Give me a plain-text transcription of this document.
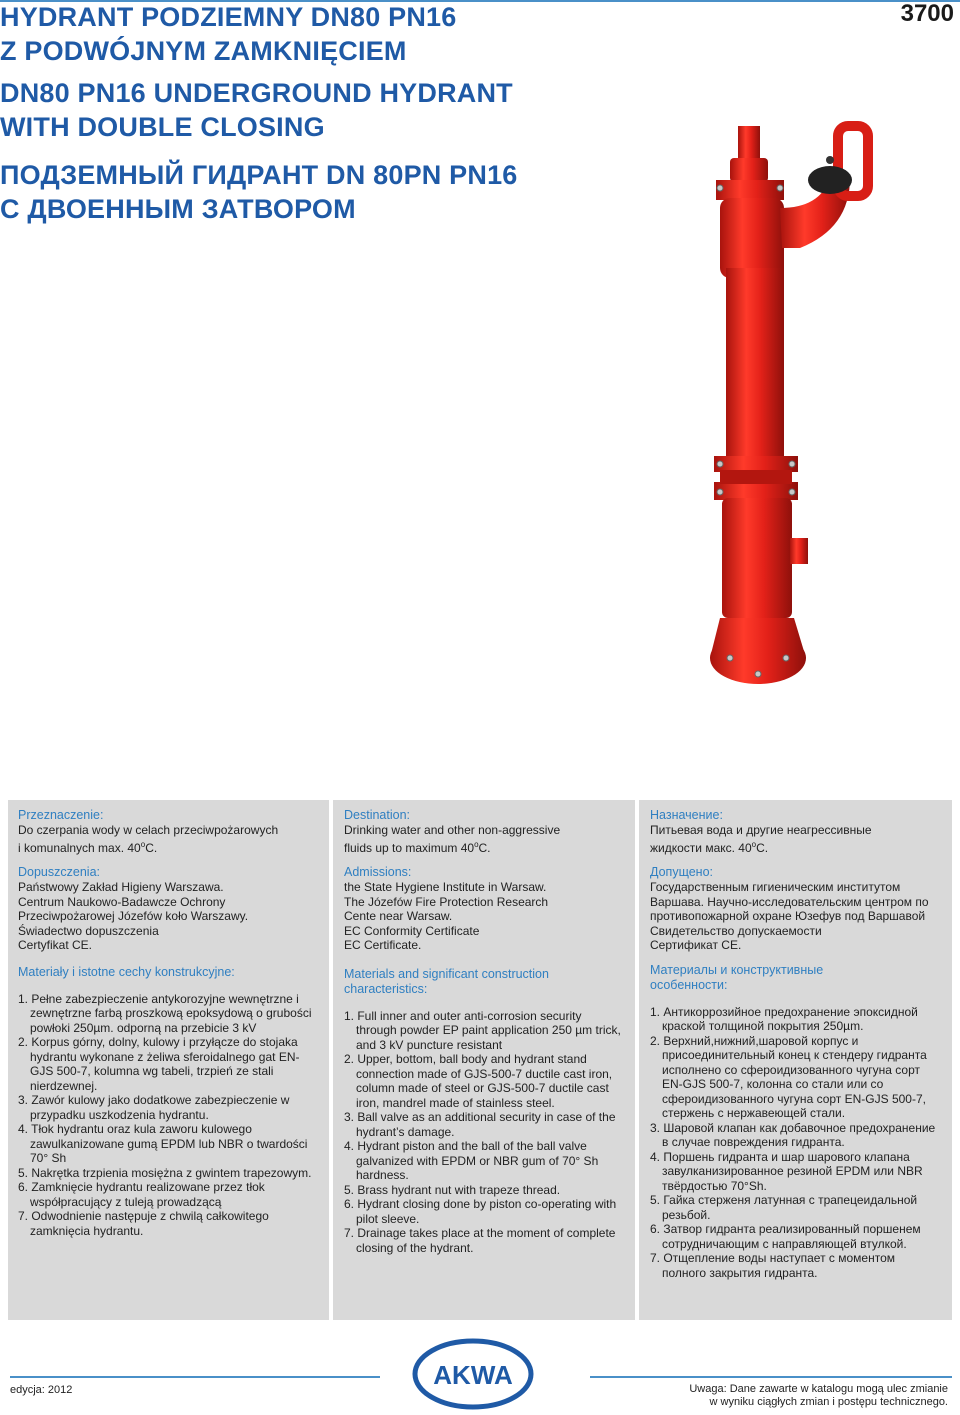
HYDRANT PODZIEMNY DN80 PN16
Z PODWÓJNYM ZAMKNIĘCIEM
DN80 PN16 UNDERGROUND HYDRANT
WITH DOUBLE CLOSING
ПОДЗЕМНЫЙ ГИДРАНТ DN 80PN PN16
С ДВОЕННЫМ ЗАТВОРОМ
3700
Przeznaczenie:
Do czerpania wody w celach przeciwpożarowych
i komunalnych max. 40$^o$C.
Dopuszczenia:
Państwowy Zakład Higieny Warszawa.
Centrum Naukowo-Badawcze Ochrony
Przeciwpożarowej Józefów koło Warszawy.
Świadectwo dopuszczenia
Certyfikat CE.
Materiały i istotne cechy konstrukcyjne:
1. Pełne zabezpieczenie antykorozyjne wewnętrzne i zewnętrzne farbą proszkową epoksydową o grubości powłoki 250µm. odporną na przebicie 3 kV
2. Korpus górny, dolny, kulowy i przyłącze do stojaka hydrantu wykonane z żeliwa sferoidalnego gat EN-GJS 500-7, kolumna wg tabeli, trzpień ze stali nierdzewnej.
3. Zawór kulowy jako dodatkowe zabezpieczenie w przypadku uszkodzenia hydrantu.
4. Tłok hydrantu oraz kula zaworu kulowego zawulkanizowane gumą EPDM lub NBR o twardości 70° Sh
5. Nakrętka trzpienia mosiężna z gwintem trapezowym.
6. Zamknięcie hydrantu realizowane przez tłok współpracujący z tuleją prowadzącą
7. Odwodnienie następuje z chwilą całkowitego zamknięcia hydrantu.
Destination:
Drinking water and other non-aggressive
fluids up to maximum 40$^o$C.
Admissions:
the State Hygiene Institute in Warsaw.
The Józefów Fire Protection Research
Cente near Warsaw.
EC Conformity Certificate
EC Certificate.
Materials and significant construction
characteristics:
1. Full inner and outer anti-corrosion security through powder EP paint application 250 µm trick, and 3 kV puncture resistant
2. Upper, bottom, ball body and hydrant stand connection made of GJS-500-7 ductile cast iron, column made of steel or GJS-500-7 ductile cast iron, mandrel made of stainless steel.
3. Ball valve as an additional security in case of the hydrant’s damage.
4. Hydrant piston and the ball of the ball valve galvanized with EPDM or NBR gum of 70° Sh hardness.
5. Brass hydrant nut with trapeze thread.
6. Hydrant closing done by piston co-operating with pilot sleeve.
7. Drainage takes place at the moment of complete closing of the hydrant.
Назначение:
Питьевая вода и другие неагрессивные
жидкости макс. 40$^o$C.
Допущено:
Государственным гигиеническим институтом
Варшава. Научно-исследовательским центром по
противопожарной охране Юзефув под Варшавой
Свидетельство допускаемости
Сертификат CE.
Материалы и конструктивные
особенности:
1. Антикоррозийное предохранение эпоксидной краской толщиной покрытия 250µm.
2. Верхний,нижний,шаровой корпус и присоединительный конец к стендеру гидранта исполнено со сфероидизованного чугуна сорт EN-GJS 500-7, колонна со стали или со сфероидизованного чугуна сорт EN-GJS 500-7, стержень с нержавеющей стали.
3. Шаровой клапан как добавочное предохранение в случае повреждения гидранта.
4. Поршень гидранта и шар шарового клапана завулканизированное резиной EPDM или NBR твёрдостью 70°Sh.
5. Гайка стерженя латунная с трапецеидальной резьбой.
6. Затвор гидранта реализированный поршенем сотрудничающим с направляющей втулкой.
7. Отщепление воды наступает с моментом полного закрытия гидранта.
AKWA
edycja: 2012	Uwaga: Dane zawarte w katalogu mogą ulec zmianie
w wyniku ciągłych zmian i postępu technicznego.
